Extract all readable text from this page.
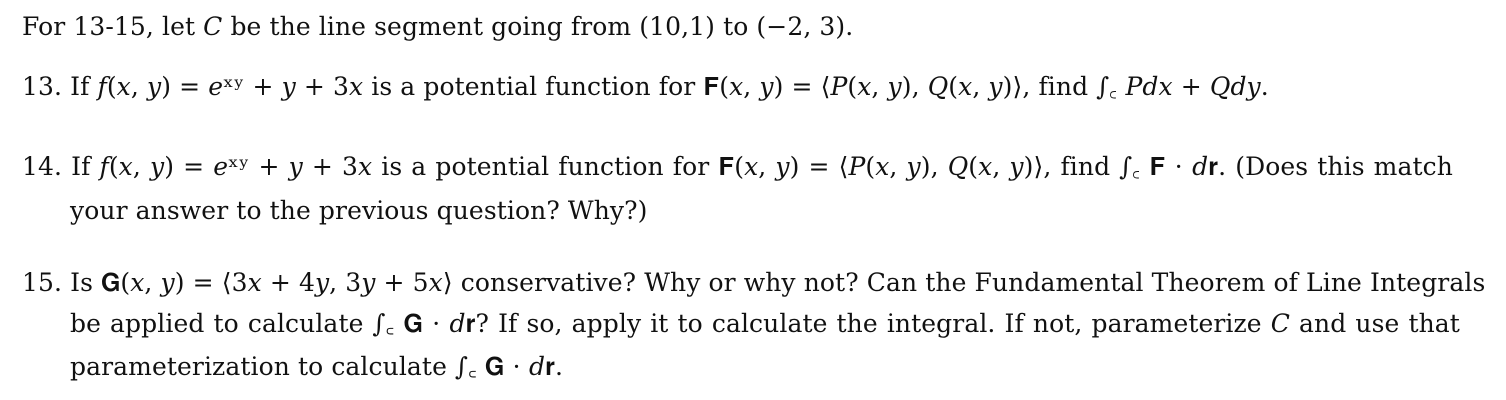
For 13-15, let 𝐶 be the line segment going from (10,1) to (−2, 3).
13. If 𝑓(𝑥, 𝑦) = 𝑒ˣʸ + 𝑦 + 3𝑥 is a potential function for 𝐅(𝑥, 𝑦) = ⟨𝑃(𝑥, 𝑦), 𝑄(𝑥, 𝑦)⟩, find ∫꜀ 𝑃𝑑𝑥 + 𝑄𝑑𝑦.
14. If 𝑓(𝑥, 𝑦) = 𝑒ˣʸ + 𝑦 + 3𝑥 is a potential function for 𝐅(𝑥, 𝑦) = ⟨𝑃(𝑥, 𝑦), 𝑄(𝑥, 𝑦)⟩, find ∫꜀ 𝐅 ⋅ 𝑑𝐫. (Does this match
your answer to the previous question? Why?)
15. Is 𝐆(𝑥, 𝑦) = ⟨3𝑥 + 4𝑦, 3𝑦 + 5𝑥⟩ conservative? Why or why not? Can the Fundamental Theorem of Line Integrals
be applied to calculate ∫꜀ 𝐆 ⋅ 𝑑𝐫? If so, apply it to calculate the integral. If not, parameterize 𝐶 and use that
parameterization to calculate ∫꜀ 𝐆 ⋅ 𝑑𝐫.
